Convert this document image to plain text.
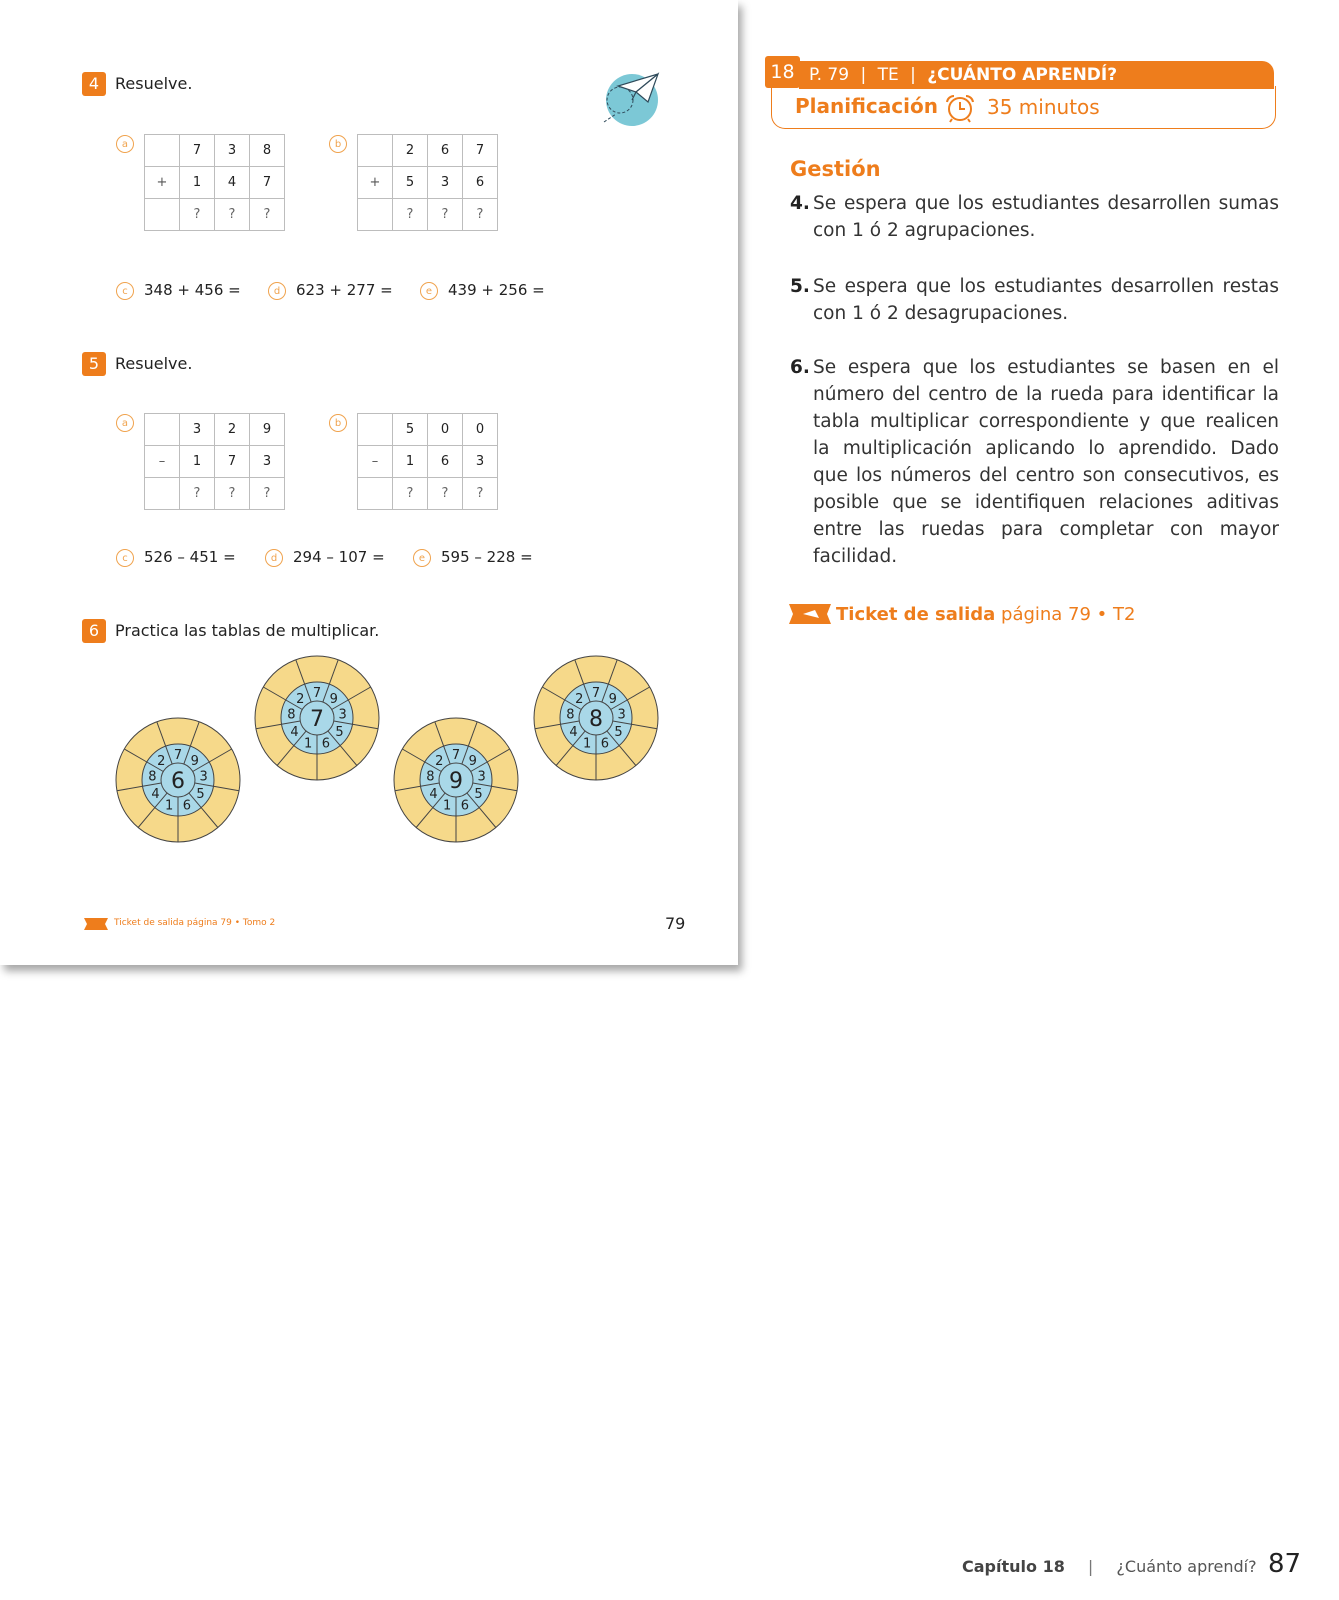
4 Resuelve.
a
		7	3	8
+	1	4	7
	?	?	?
b
		2	6	7
+	5	3	6
	?	?	?
c	348 + 456 =	d	623 + 277 =	e	439 + 256 =
5 Resuelve.
a
		3	2	9
–	1	7	3
	?	?	?
b
		5	0	0
–	1	6	3
	?	?	?
c	526 – 451 =	d	294 – 107 =	e	595 – 228 =
6 Practica las tablas de multiplicar.
6
7 9
3
5
6
1
4
8
2
7
7 9
3
5
6
1
4
8
2
9
7 9
3
5
6
1
4
8
2
8
7 9
3
5
6
1
4
8
2
Ticket de salida página 79 • Tomo 2	79
P. 79 | TE | ¿CUÁNTO APRENDÍ?
18
Planificación 35 minutos
Gestión
4. Se espera que los estudiantes desarrollen sumas con 1 ó 2 agrupaciones.
5. Se espera que los estudiantes desarrollen restas con 1 ó 2 desagrupaciones.
6. Se espera que los estudiantes se basen en el número del centro de la rueda para identificar la tabla multiplicar correspondiente y que realicen la multiplicación aplicando lo aprendido. Dado que los números del centro son consecutivos, es posible que se identifiquen relaciones aditivas entre las ruedas para completar con mayor facilidad.
Ticket de salida página 79 • T2
Capítulo 18 | ¿Cuánto aprendí? 87
